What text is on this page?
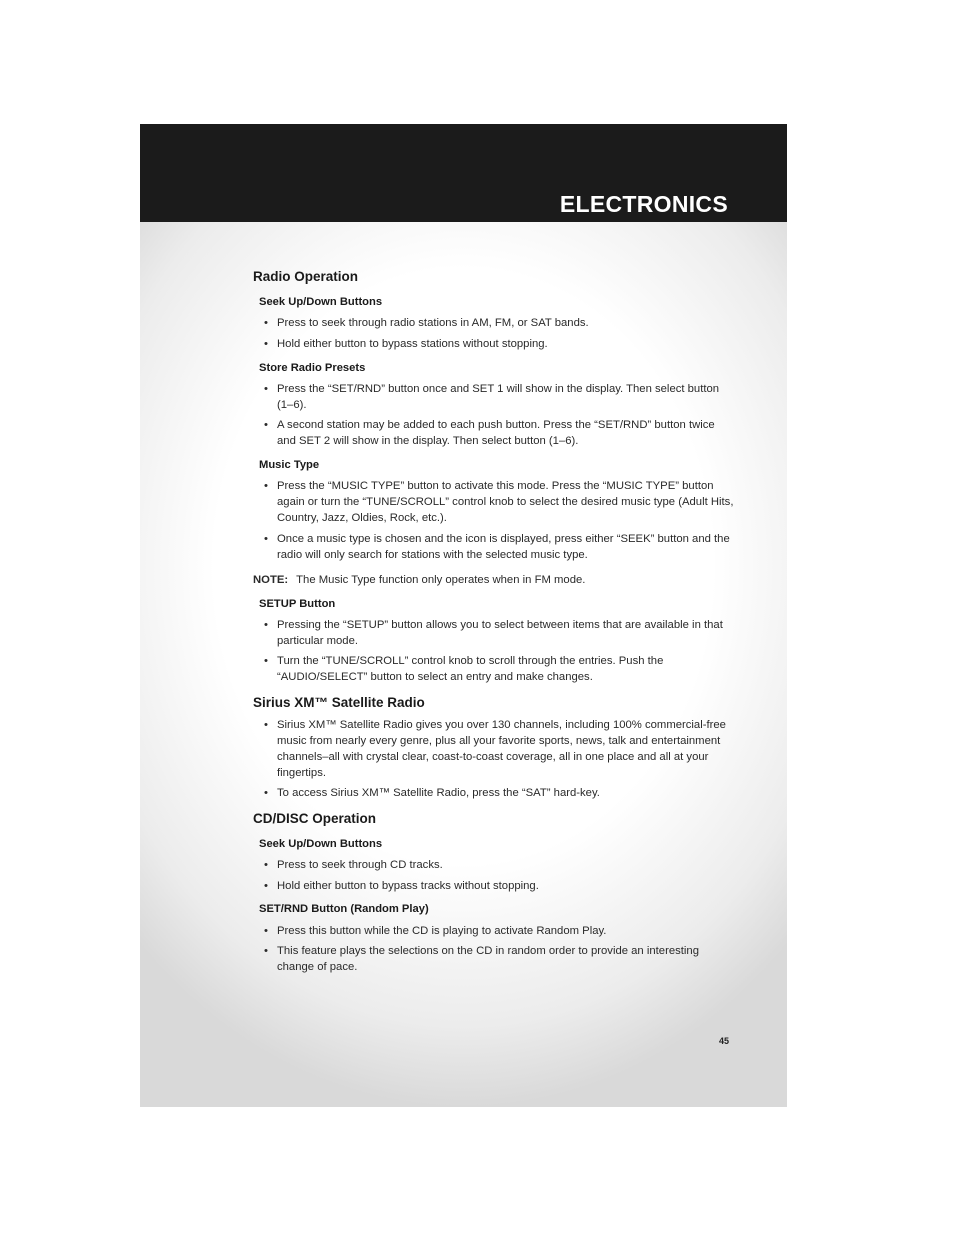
ELECTRONICS
Radio Operation
Seek Up/Down Buttons
• Press to seek through radio stations in AM, FM, or SAT bands.
• Hold either button to bypass stations without stopping.
Store Radio Presets
• Press the “SET/RND” button once and SET 1 will show in the display. Then select button (1–6).
• A second station may be added to each push button. Press the “SET/RND” button twice and SET 2 will show in the display. Then select button (1–6).
Music Type
• Press the “MUSIC TYPE” button to activate this mode. Press the “MUSIC TYPE” button again or turn the “TUNE/SCROLL” control knob to select the desired music type (Adult Hits, Country, Jazz, Oldies, Rock, etc.).
• Once a music type is chosen and the icon is displayed, press either “SEEK” button and the radio will only search for stations with the selected music type.
NOTE: The Music Type function only operates when in FM mode.
SETUP Button
• Pressing the “SETUP” button allows you to select between items that are available in that particular mode.
• Turn the “TUNE/SCROLL” control knob to scroll through the entries. Push the “AUDIO/SELECT” button to select an entry and make changes.
Sirius XM™ Satellite Radio
• Sirius XM™ Satellite Radio gives you over 130 channels, including 100% commercial-free music from nearly every genre, plus all your favorite sports, news, talk and entertainment channels–all with crystal clear, coast-to-coast coverage, all in one place and all at your fingertips.
• To access Sirius XM™ Satellite Radio, press the “SAT” hard-key.
CD/DISC Operation
Seek Up/Down Buttons
• Press to seek through CD tracks.
• Hold either button to bypass tracks without stopping.
SET/RND Button (Random Play)
• Press this button while the CD is playing to activate Random Play.
• This feature plays the selections on the CD in random order to provide an interesting change of pace.
45
